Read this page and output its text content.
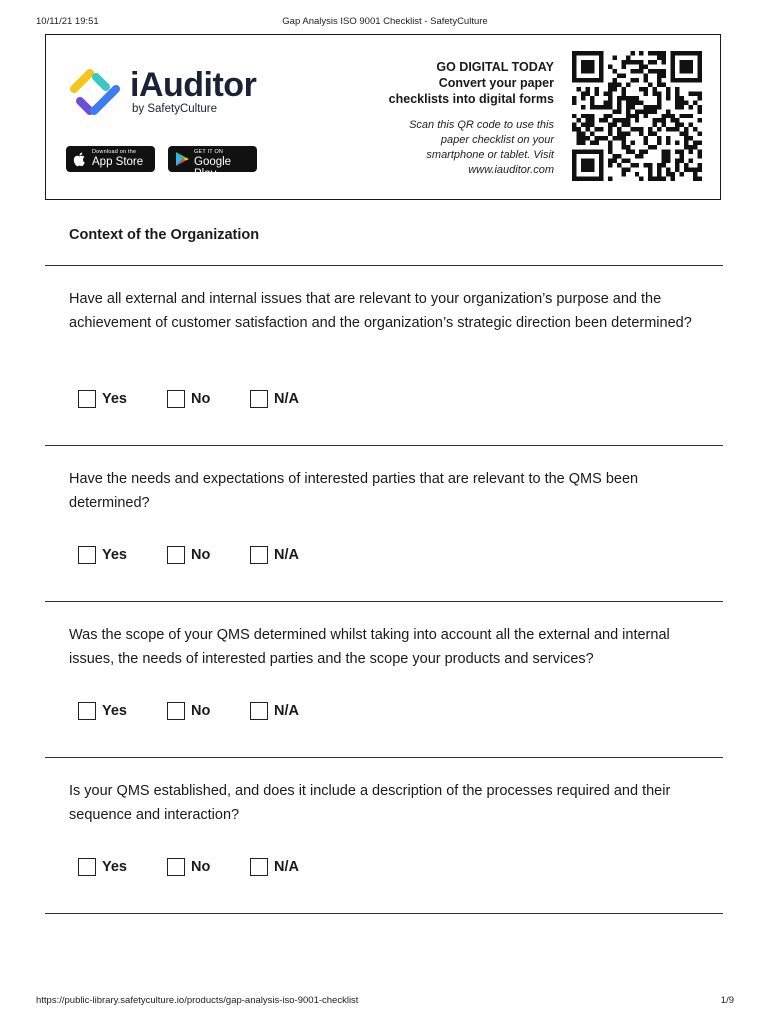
10/11/21 19:51	Gap Analysis ISO 9001 Checklist - SafetyCulture
iAuditor
by SafetyCulture
Download on the
App Store
GET IT ON
Google Play
GO DIGITAL TODAY
Convert your paper
checklists into digital forms
Scan this QR code to use this
paper checklist on your
smartphone or tablet. Visit
www.iauditor.com
Context of the Organization
Have all external and internal issues that are relevant to your organization’s purpose and the achievement of customer satisfaction and the organization’s strategic direction been determined?
Yes	No	N/A
Have the needs and expectations of interested parties that are relevant to the QMS been determined?
Yes	No	N/A
Was the scope of your QMS determined whilst taking into account all the external and internal issues, the needs of interested parties and the scope your products and services?
Yes	No	N/A
Is your QMS established, and does it include a description of the processes required and their sequence and interaction?
Yes	No	N/A
https://public-library.safetyculture.io/products/gap-analysis-iso-9001-checklist	1/9
